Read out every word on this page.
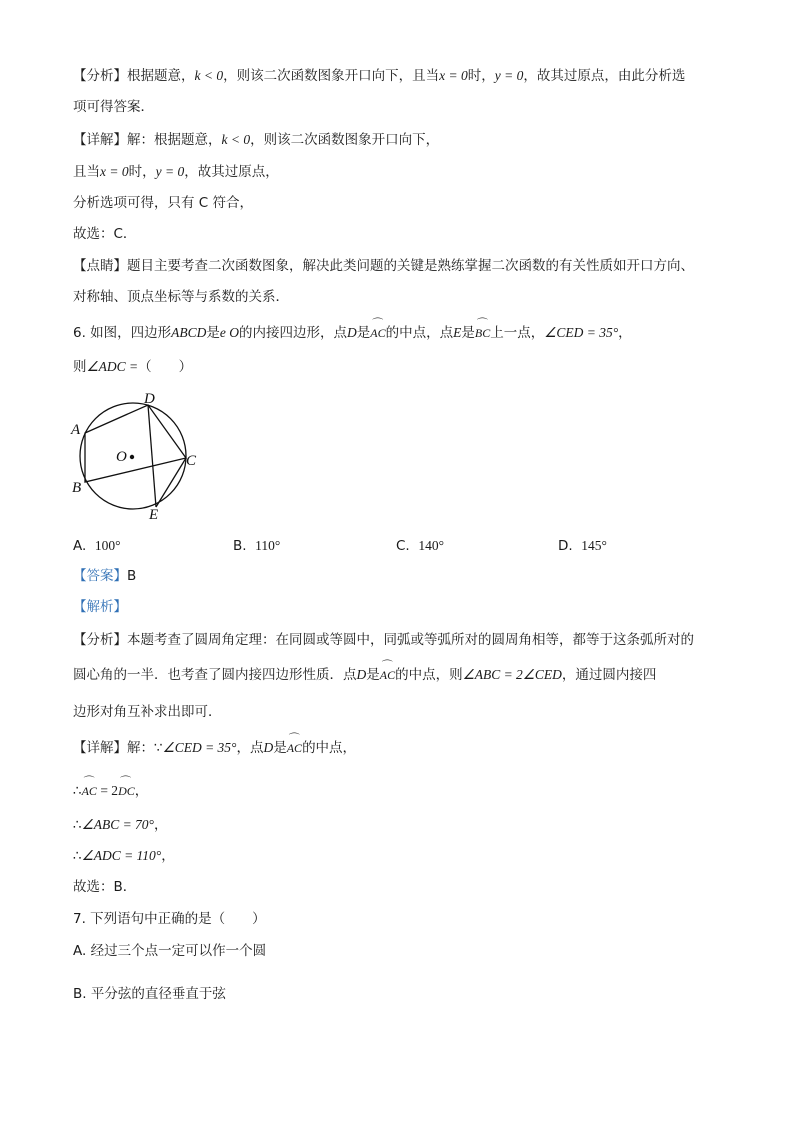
【分析】根据题意，k < 0，则该二次函数图象开口向下，且当x = 0时，y = 0，故其过原点，由此分析选
项可得答案．
【详解】解：根据题意，k < 0，则该二次函数图象开口向下，
且当x = 0时，y = 0，故其过原点，
分析选项可得，只有 C 符合，
故选：C．
【点睛】题目主要考查二次函数图象，解决此类问题的关键是熟练掌握二次函数的有关性质如开口方向、
对称轴、顶点坐标等与系数的关系．
6. 如图，四边形ABCD是e O的内接四边形，点D是⌒ AC的中点，点E是⌒ BC上一点，∠CED = 35°，
则∠ADC =（　　）
A
D
C
B
E
O
A. 100°	B. 110°	C. 140°	D. 145°
【答案】B
【解析】
【分析】本题考查了圆周角定理：在同圆或等圆中，同弧或等弧所对的圆周角相等，都等于这条弧所对的
圆心角的一半．也考查了圆内接四边形性质．点D是⌒ AC的中点，则∠ABC = 2∠CED，通过圆内接四
边形对角互补求出即可．
【详解】解：∵∠CED = 35°，点D是⌒ AC的中点，
∴⌒ AC = 2⌒ DC，
∴∠ABC = 70°，
∴∠ADC = 110°，
故选：B．
7. 下列语句中正确的是（　　）
A. 经过三个点一定可以作一个圆
B. 平分弦的直径垂直于弦
